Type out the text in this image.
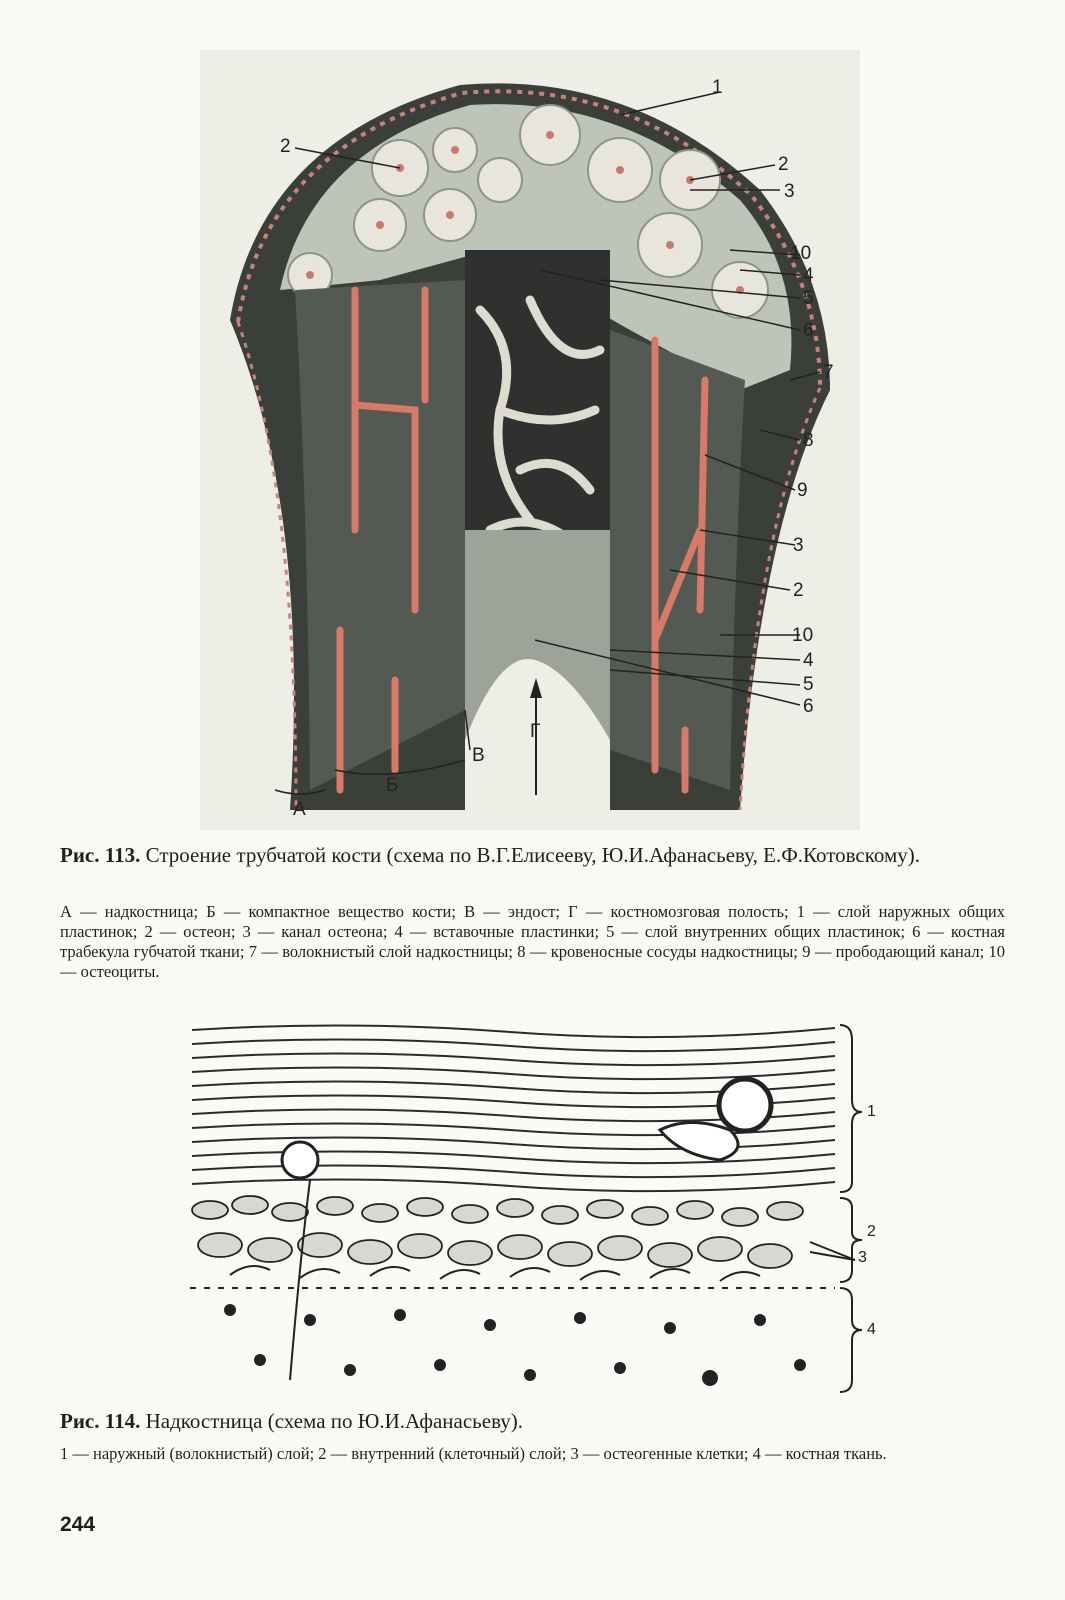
1
2
2
3
10
4
5
6
7
8
9
3
2
10
4
5
6
А
Б
В
Г
Рис. 113. Строение трубчатой кости (схема по В.Г.Елисееву, Ю.И.Афанасьеву, Е.Ф.Котовскому).
А — надкостница; Б — компактное вещество кости; В — эндост; Г — костномозговая полость; 1 — слой наружных общих пластинок; 2 — остеон; 3 — канал остеона; 4 — вставочные пластинки; 5 — слой внутренних общих пластинок; 6 — костная трабекула губчатой ткани; 7 — волокнистый слой надкостницы; 8 — кровеносные сосуды надкостницы; 9 — прободающий канал; 10 — остеоциты.
1
2
3
4
Рис. 114. Надкостница (схема по Ю.И.Афанасьеву).
1 — наружный (волокнистый) слой; 2 — внутренний (клеточный) слой; 3 — остеогенные клетки; 4 — костная ткань.
244
